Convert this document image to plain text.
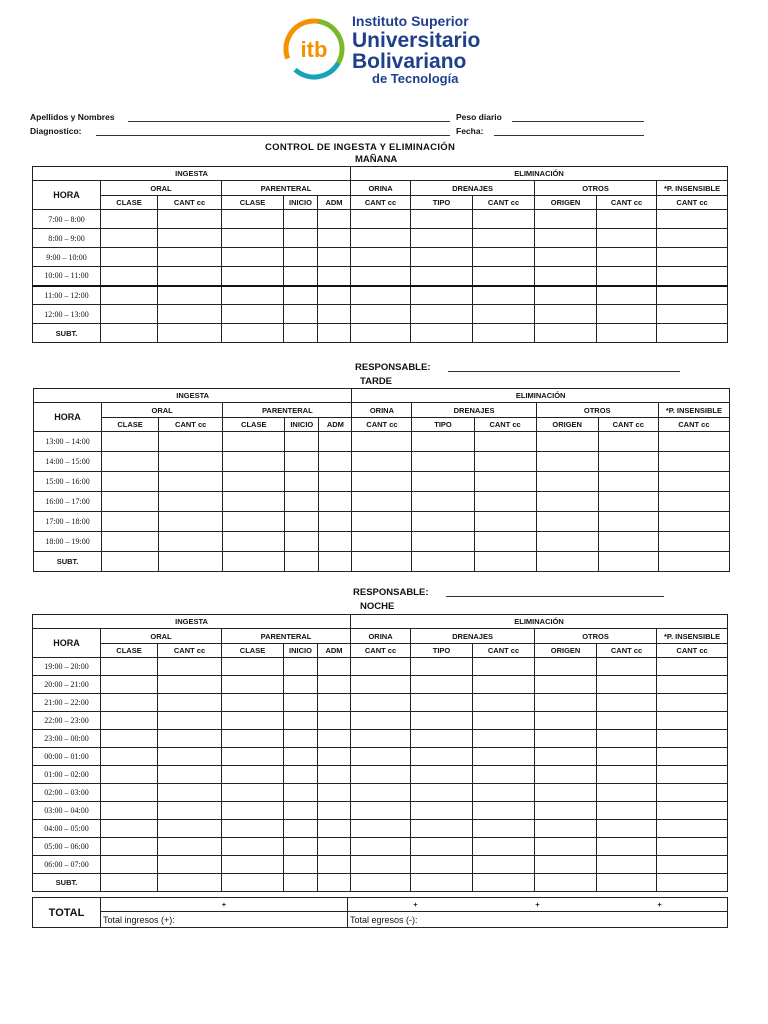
itb
Instituto Superior
Universitario
Bolivariano
de Tecnología
Apellidos y Nombres	Peso diario
Diagnostico:	Fecha:
CONTROL DE INGESTA Y ELIMINACIÓN
MAÑANA
INGESTA						ELIMINACIÓN					
HORA	ORAL		PARENTERAL			ORINA	DRENAJES		OTROS		*P. INSENSIBLE
	CLASE	CANT cc	CLASE	INICIO	ADM	CANT cc	TIPO	CANT cc	ORIGEN	CANT cc	CANT cc
7:00 – 8:00											
8:00 – 9:00											
9:00 – 10:00											
10:00 – 11:00											
11:00 – 12:00											
12:00 – 13:00											
SUBT.											
RESPONSABLE:
TARDE
INGESTA						ELIMINACIÓN					
HORA	ORAL		PARENTERAL			ORINA	DRENAJES		OTROS		*P. INSENSIBLE
	CLASE	CANT cc	CLASE	INICIO	ADM	CANT cc	TIPO	CANT cc	ORIGEN	CANT cc	CANT cc
13:00 – 14:00											
14:00 – 15:00											
15:00 – 16:00											
16:00 – 17:00											
17:00 – 18:00											
18:00 – 19:00											
SUBT.											
RESPONSABLE:
NOCHE
INGESTA						ELIMINACIÓN					
HORA	ORAL		PARENTERAL			ORINA	DRENAJES		OTROS		*P. INSENSIBLE
	CLASE	CANT cc	CLASE	INICIO	ADM	CANT cc	TIPO	CANT cc	ORIGEN	CANT cc	CANT cc
19:00 – 20:00											
20:00 – 21:00											
21:00 – 22:00											
22:00 – 23:00											
23:00 – 00:00											
00:00 – 01:00											
01:00 – 02:00											
02:00 – 03:00											
03:00 – 04:00											
04:00 – 05:00											
05:00 – 06:00											
06:00 – 07:00											
SUBT.											
TOTAL	+	+ + +
	Total ingresos (+):	Total egresos (-):
